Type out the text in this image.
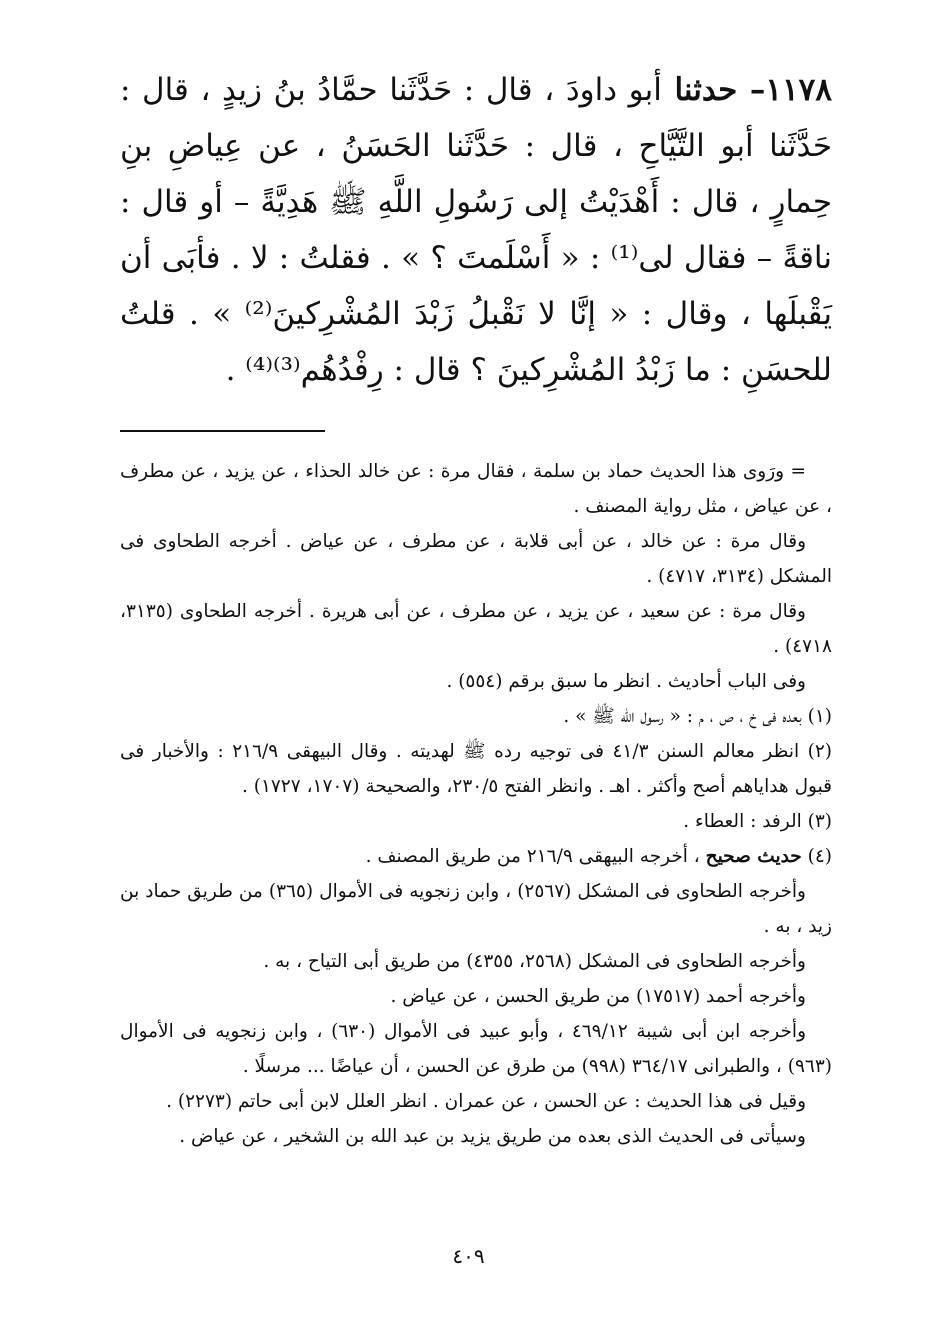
١١٧٨– حدثنا أبو داودَ ، قال : حَدَّثَنا حمَّادُ بنُ زيدٍ ، قال : حَدَّثَنا أبو التَّيَّاحِ ، قال : حَدَّثَنا الحَسَنُ ، عن عِياضِ بنِ حِمارٍ ، قال : أَهْدَيْتُ إلى رَسُولِ اللَّهِ ﷺ هَدِيَّةً – أو قال : ناقةً – فقال لى⁽¹⁾ : « أَسْلَمتَ ؟ » . فقلتُ : لا . فأبَى أن يَقْبلَها ، وقال : « إنَّا لا نَقْبلُ زَبْدَ المُشْرِكينَ⁽²⁾ » . قلتُ للحسَنِ : ما زَبْدُ المُشْرِكينَ ؟ قال : رِفْدُهُم⁽³⁾⁽⁴⁾ .

= ورَوى هذا الحديث حماد بن سلمة ، فقال مرة : عن خالد الحذاء ، عن يزيد ، عن مطرف ، عن عياض ، مثل رواية المصنف .

وقال مرة : عن خالد ، عن أبى قلابة ، عن مطرف ، عن عياض . أخرجه الطحاوى فى المشكل (٣١٣٤، ٤٧١٧) .

وقال مرة : عن سعيد ، عن يزيد ، عن مطرف ، عن أبى هريرة . أخرجه الطحاوى (٣١٣٥، ٤٧١٨) .

وفى الباب أحاديث . انظر ما سبق برقم (٥٥٤) .

(١) بعده فى خ ، ص ، م : « رسول الله ﷺ » .

(٢) انظر معالم السنن ٤١/٣ فى توجيه رده ﷺ لهديته . وقال البيهقى ٢١٦/٩ : والأخبار فى قبول هداياهم أصح وأكثر . اهـ . وانظر الفتح ٢٣٠/٥، والصحيحة (١٧٠٧، ١٧٢٧) .

(٣) الرفد : العطاء .

(٤) حديث صحيح ، أخرجه البيهقى ٢١٦/٩ من طريق المصنف .

وأخرجه الطحاوى فى المشكل (٢٥٦٧) ، وابن زنجويه فى الأموال (٣٦٥) من طريق حماد بن زيد ، به .

وأخرجه الطحاوى فى المشكل (٢٥٦٨، ٤٣٥٥) من طريق أبى التياح ، به .

وأخرجه أحمد (١٧٥١٧) من طريق الحسن ، عن عياض .

وأخرجه ابن أبى شيبة ٤٦٩/١٢ ، وأبو عبيد فى الأموال (٦٣٠) ، وابن زنجويه فى الأموال (٩٦٣) ، والطبرانى ٣٦٤/١٧ (٩٩٨) من طرق عن الحسن ، أن عياضًا ... مرسلًا .

وقيل فى هذا الحديث : عن الحسن ، عن عمران . انظر العلل لابن أبى حاتم (٢٢٧٣) .

وسيأتى فى الحديث الذى بعده من طريق يزيد بن عبد الله بن الشخير ، عن عياض .

٤٠٩
